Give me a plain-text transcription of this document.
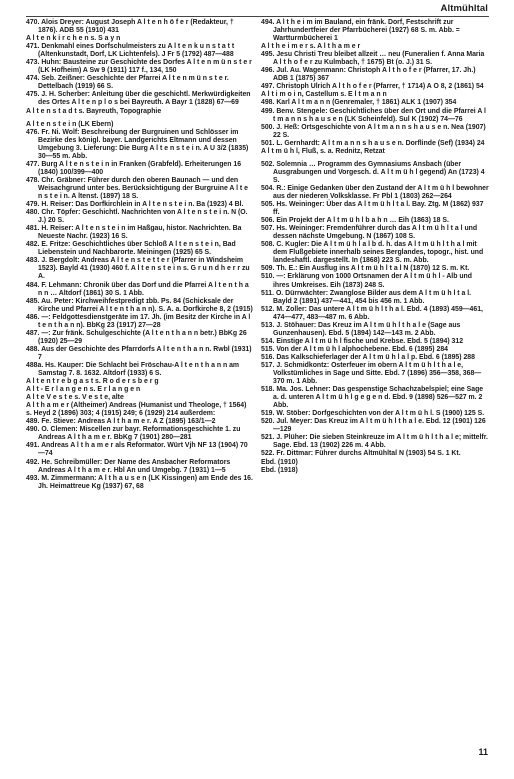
Altmühltal

470. Alois Dreyer: August Joseph A l t e n h ö f e r (Redakteur, † 1876). ADB 55 (1910) 431

A l t e n k i r c h e n s. S a y n

471. Denkmahl eines Dorfschulmeisters zu A l t e n k u n s t a t t (Altenkunstadt, Dorf, LK Lichtenfels). J Fr 5 (1792) 487—488

473. Huhn: Bausteine zur Geschichte des Dorfes A l t e n m ü n s t e r (LK Hofheim) A Sw 9 (1911) 117 f., 134, 150

474. Seb. Zeißner: Geschichte der Pfarrei A l t e n m ü n s t e r. Dettelbach (1919) 66 S.

475. J. H. Scherber: Anleitung über die geschichtl. Merkwürdigkeiten des Ortes A l t e n p l o s bei Bayreuth. A Bayr 1 (1828) 67—69

A l t e n s t a d t s. Bayreuth, Topographie

A l t e n s t e i n (LK Ebern)

476. Fr. Ni. Wolf: Beschreibung der Burgruinen und Schlösser im Bezirke des königl. bayer. Landgerichts Eltmann und dessen Umgebung 3. Lieferung: Die Burg A l t e n s t e i n. A U 3/2 (1835) 30—55 m. Abb.

477. Burg A l t e n s t e i n in Franken (Grabfeld). Erheiterungen 16 (1840) 100/399—400

478. Chr. Gräbner: Führer durch den oberen Baunach — und den Weisachgrund unter bes. Berücksichtigung der Burgruine A l t e n s t e i n. A ltenst. (1897) 18 S.

479. H. Reiser: Das Dorfkirchlein in A l t e n s t e i n. Ba (1923) 4 Bl.

480. Chr. Töpfer: Geschichtl. Nachrichten von A l t e n s t e i n. N (O. J.) 20 S.

481. H. Reiser: A l t e n s t e i n im Haßgau, histor. Nachrichten. Ba Neueste Nachr. (1923) 16 S.

482. E. Fritze: Geschichtliches über Schloß A l t e n s t e i n, Bad Liebenstein und Nachbarorte. Meiningen (1925) 65 S.

483. J. Bergdolt: Andreas A l t e n s t e t t e r (Pfarrer in Windsheim 1523). Bayld 41 (1930) 460 f. A l t e n s t e i n s. G r u n d h e r r zu A.

484. F. Lehmann: Chronik über das Dorf und die Pfarrei A l t e n t h a n n … Altdorf (1861) 30 S. 1 Abb.

485. Au. Peter: Kirchweihfestpredigt ɪbb. Ps. 84 (Schicksale der Kirche und Pfarrei A l t e n t h a n n). S. A. a. Dorfkirche 8, 2 (1915)

486. —: Feldgottesdienstgeräte im 17. Jh. (im Besitz der Kirche in A l t e n t h a n n). BbKg 23 (1917) 27—28

487. —: Zur fränk. Schulgeschichte (A l t e n t h a n n betr.) BbKg 26 (1920) 25—29

488. Aus der Geschichte des Pfarrdorfs A l t e n t h a n n. Rwbl (1931) 7

488a. Hs. Kauper: Die Schlacht bei Fröschau-A l t e n t h a n n am Samstag 7. 8. 1632. Altdorf (1933) 6 S.

A l t e n t r e b g a s t s. R o d e r s b e r g

A l t - E r l a n g e n s. E r l a n g e n

A l t e V e s t e s. V e s t e, alte

A l t h a m e r (Altheimer) Andreas (Humanist und Theologe, † 1564) s. Heyd 2 (1896) 303; 4 (1915) 249; 6 (1929) 214 außerdem:

489. Fe. Stieve: Andreas A l t h a m e r. A Z (1895) 163/1—2

490. O. Clemen: Miscellen zur bayr. Reformationsgeschichte 1. zu Andreas A l t h a m e r. BbKg 7 (1901) 280—281

491. Andreas A l t h a m e r als Reformator. Würt Vjh NF 13 (1904) 70—74

492. He. Schreibmüller: Der Name des Ansbacher Reformators Andreas A l t h a m e r. Hbl An und Umgebg. 7 (1931) 1—5

493. M. Zimmermann: A l t h a u s e n (LK Kissingen) am Ende des 16. Jh. Heimattreue Kg (1937) 67, 68

494. A l t h e i m im Bauland, ein fränk. Dorf, Festschrift zur Jahrhundertfeier der Pfarrbücherei (1927) 68 S. m. Abb. = Wartturmbücherei 1

A l t h e i m e r s. A l t h a m e r

495. Jesu Christi Treu bleibet allzeit … neu (Funeralien f. Anna Maria A l t h o f e r zu Kulmbach, † 1675) Bt (o. J.) 31 S.

496. Jul. Au. Wagenmann: Christoph A l t h o f e r (Pfarrer, 17. Jh.) ADB 1 (1875) 367

497. Christoph Ulrich A l t h o f e r (Pfarrer, † 1714) A O 8, 2 (1861) 54

A l t i m o i n, Castellum s. E l t m a n n

498. Karl A l t m a n n (Genremaler, † 1861) ALK 1 (1907) 354

499. Benv. Stengele: Geschichtliches über den Ort und die Pfarrei A l t m a n n s h a u s e n (LK Scheinfeld). Sul K (1902) 74—76

500. J. Heß: Ortsgeschichte von A l t m a n n s h a u s e n. Nea (1907) 22 S.

501. L. Gernhardt: A l t m a n n s h a u s e n. Dorflinde (Sef) (1934) 24

A l t m ü h l, Fluß, s. a. Rednitz, Retzat

502. Solemnia … Programm des Gymnasiums Ansbach (über Ausgrabungen und Vorgesch. d. A l t m ü h l gegend) An (1723) 4 S.

504. R.: Einige Gedanken über den Zustand der A l t m ü h l bewohner aus der niederen Volksklasse. Fr Pbl 1 (1803) 262—264

505. Hs. Weininger: Über das A l t m ü h l t a l. Bay. Ztg. M (1862) 937 ff.

506. Ein Projekt der A l t m ü h l b a h n … Eih (1863) 18 S.

507. Hs. Weininger: Fremdenführer durch das A l t m ü h l t a l und dessen nächste Umgebung. N (1867) 108 S.

508. C. Kugler: Die A l t m ü h l a l b d. h. das A l t m ü h l t h a l mit dem Flußgebiete innerhalb seines Berglandes, topogr., hist. und landeshaftl. dargestellt. In (1868) 223 S. m. Abb.

509. Th. E.: Ein Ausflug ins A l t m ü h l t a l N (1870) 12 S. m. Kt.

510. —: Erklärung von 1000 Ortsnamen der A l t m ü h l - Alb und ihres Umkreises. Eih (1873) 248 S.

511. O. Dürrwächter: Zwanglose Bilder aus dem A l t m ü h l t a l. Bayld 2 (1891) 437—441, 454 bis 456 m. 1 Abb.

512. M. Zoller: Das untere A l t m ü h l t h a l. Ebd. 4 (1893) 459—461, 474—477, 483—487 m. 6 Abb.

513. J. Stöhauer: Das Kreuz im A l t m ü h l t h a l e (Sage aus Gunzenhausen). Ebd. 5 (1894) 142—143 m. 2 Abb.

514. Einstige A l t m ü h l fische und Krebse. Ebd. 5 (1894) 312

515. Von der A l t m ü h l alphochebene. Ebd. 6 (1895) 284

516. Das Kalkschieferlager der A l t m ü h l a l p. Ebd. 6 (1895) 288

517. J. Schmidkontz: Osterfeuer im obern A l t m ü h l t h a l e, Volkstümliches in Sage und Sitte. Ebd. 7 (1896) 356—358, 368—370 m. 1 Abb.

518. Ma. Jos. Lehner: Das gespenstige Schachzabelspiel; eine Sage a. d. unteren A l t m ü h l g e g e n d. Ebd. 9 (1898) 526—527 m. 2 Abb.

519. W. Stöber: Dorfgeschichten von der A l t m ü h l. S (1900) 125 S.

520. Jul. Meyer: Das Kreuz im A l t m ü h l t h a l e. Ebd. 12 (1901) 126—129

521. J. Plüher: Die sieben Steinkreuze im A l t m ü h l t h a l e; mittelfr. Sage. Ebd. 13 (1902) 226 m. 4 Abb.

522. Fr. Dittmar: Führer durchs Altmühltal N (1903) 54 S. 1 Kt.

Ebd. (1910)

Ebd. (1918)

11
